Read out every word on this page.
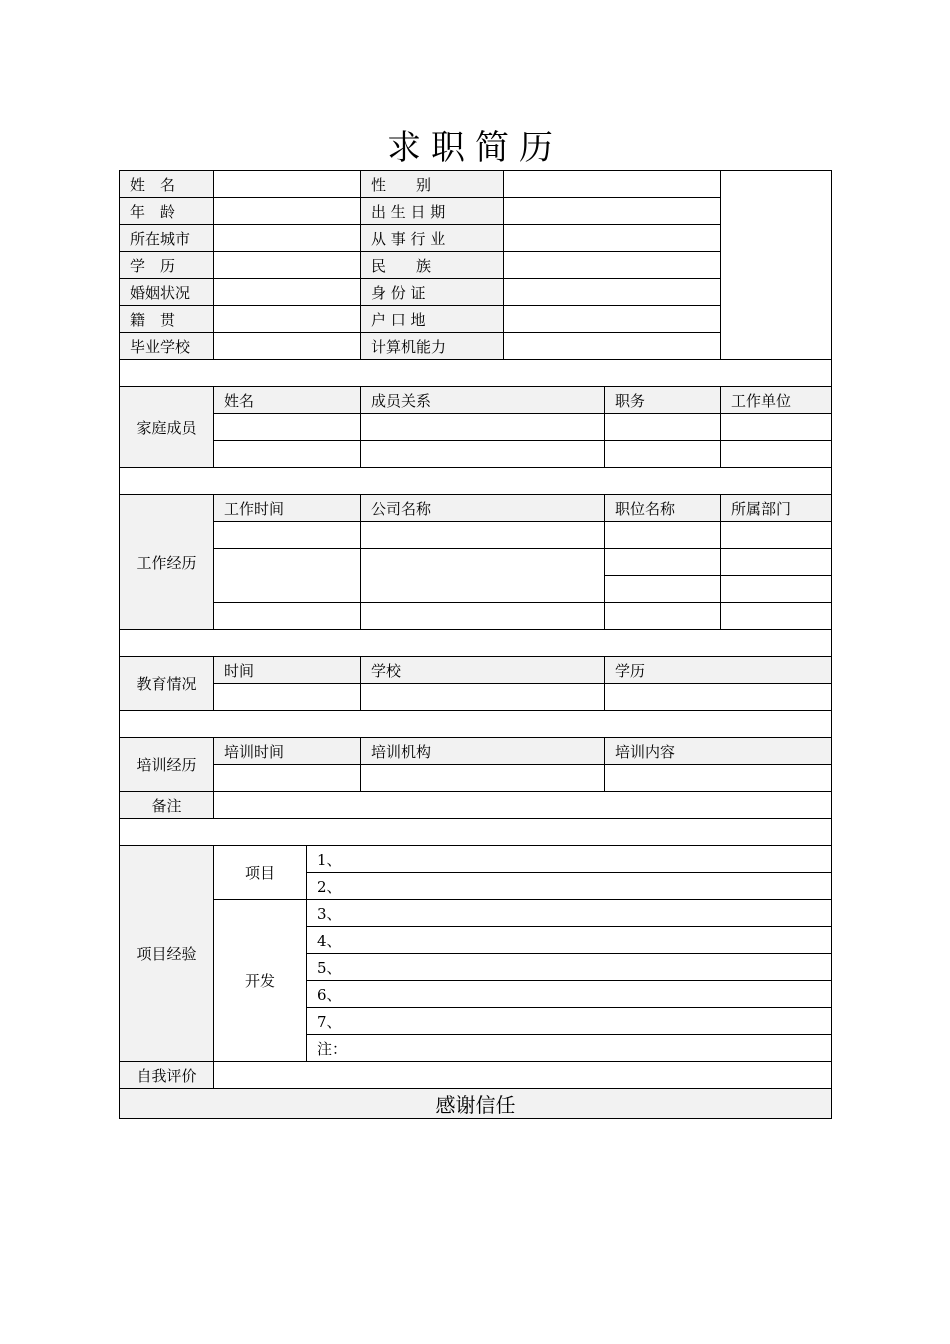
求职简历
姓　名			性　　别			
年　龄			出 生 日 期			
所在城市			从 事 行 业			
学　历			民　　族			
婚姻状况			身 份 证			
籍　贯			户 口 地			
毕业学校			计算机能力			

家庭成员	姓名		成员关系		职务	工作单位

工作经历	工作时间		公司名称		职位名称	所属部门

教育情况	时间		学校		学历	

培训经历	培训时间		培训机构		培训内容	

备注						

项目经验	项目	1、				
		2、				
	开发	3、				
		4、				
		5、				
		6、				
		7、				
		注：				
自我评价						
感谢信任						
